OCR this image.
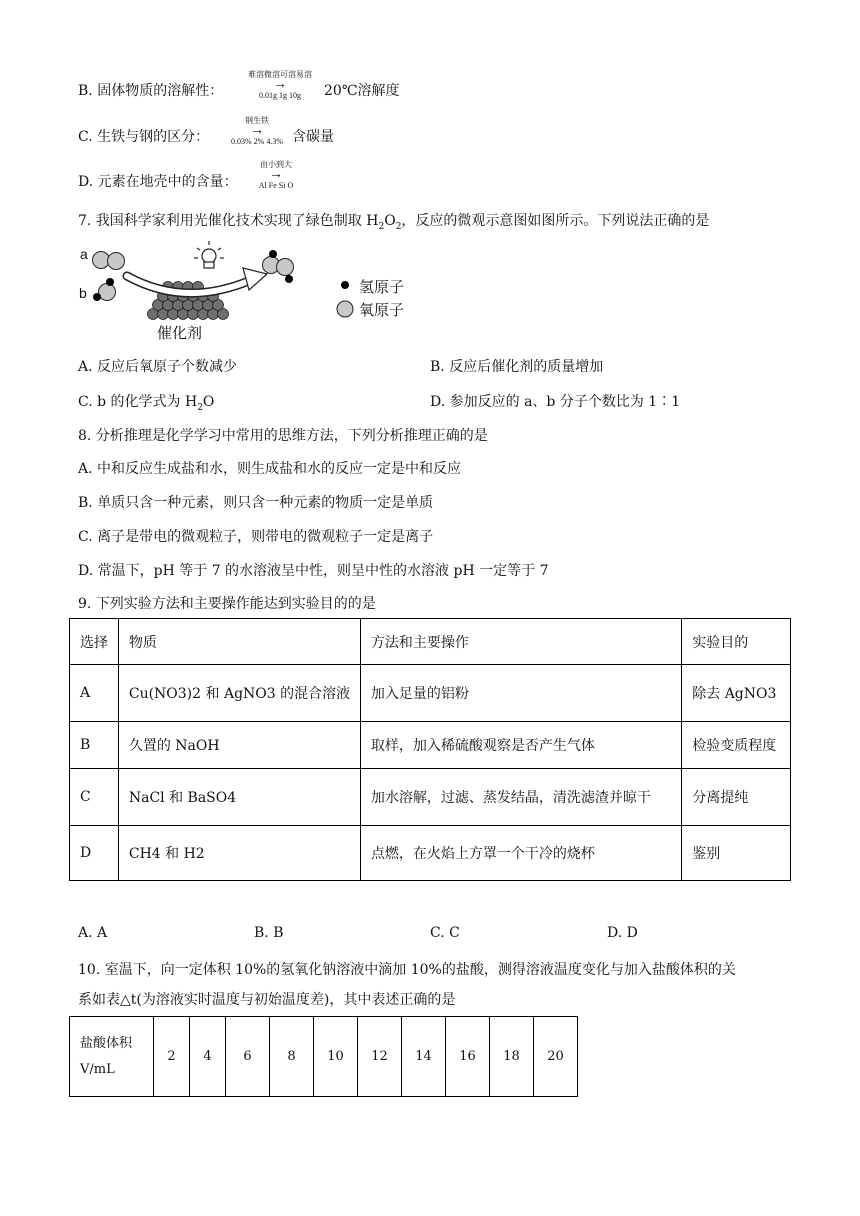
B. 固体物质的溶解性：
难溶微溶可溶易溶
→
0.01g 1g 10g	20℃溶解度
C. 生铁与钢的区分：
钢生铁
→
0.03% 2% 4.3% 含碳量
D. 元素在地壳中的含量：
由小到大
→
Al Fe Si O
7. 我国科学家利用光催化技术实现了绿色制取 $H_2O_2$，反应的微观示意图如图所示。下列说法正确的是
a
b
催化剂
氢原子
氧原子
A. 反应后氧原子个数减少	B. 反应后催化剂的质量增加
C. b 的化学式为 $H_2O$	D. 参加反应的 a、b 分子个数比为 1∶1
8. 分析推理是化学学习中常用的思维方法，下列分析推理正确的是
A. 中和反应生成盐和水，则生成盐和水的反应一定是中和反应
B. 单质只含一种元素，则只含一种元素的物质一定是单质
C. 离子是带电的微观粒子，则带电的微观粒子一定是离子
D. 常温下，pH 等于 7 的水溶液呈中性，则呈中性的水溶液 pH 一定等于 7
9. 下列实验方法和主要操作能达到实验目的的是
选择	物质	方法和主要操作	实验目的
A	Cu(NO3)2 和 AgNO3 的混合溶液	加入足量的铝粉	除去 AgNO3
B	久置的 NaOH	取样，加入稀硫酸观察是否产生气体	检验变质程度
C	NaCl 和 BaSO4	加水溶解，过滤、蒸发结晶，清洗滤渣并晾干	分离提纯
D	CH4 和 H2	点燃，在火焰上方罩一个干冷的烧杯	鉴别
A. A	B. B	C. C	D. D
10. 室温下，向一定体积 10%的氢氧化钠溶液中滴加 10%的盐酸，测得溶液温度变化与加入盐酸体积的关
系如表△t(为溶液实时温度与初始温度差)，其中表述正确的是
盐酸体积
V/mL
	2	4	6	8	10	12	14	16	18	20
